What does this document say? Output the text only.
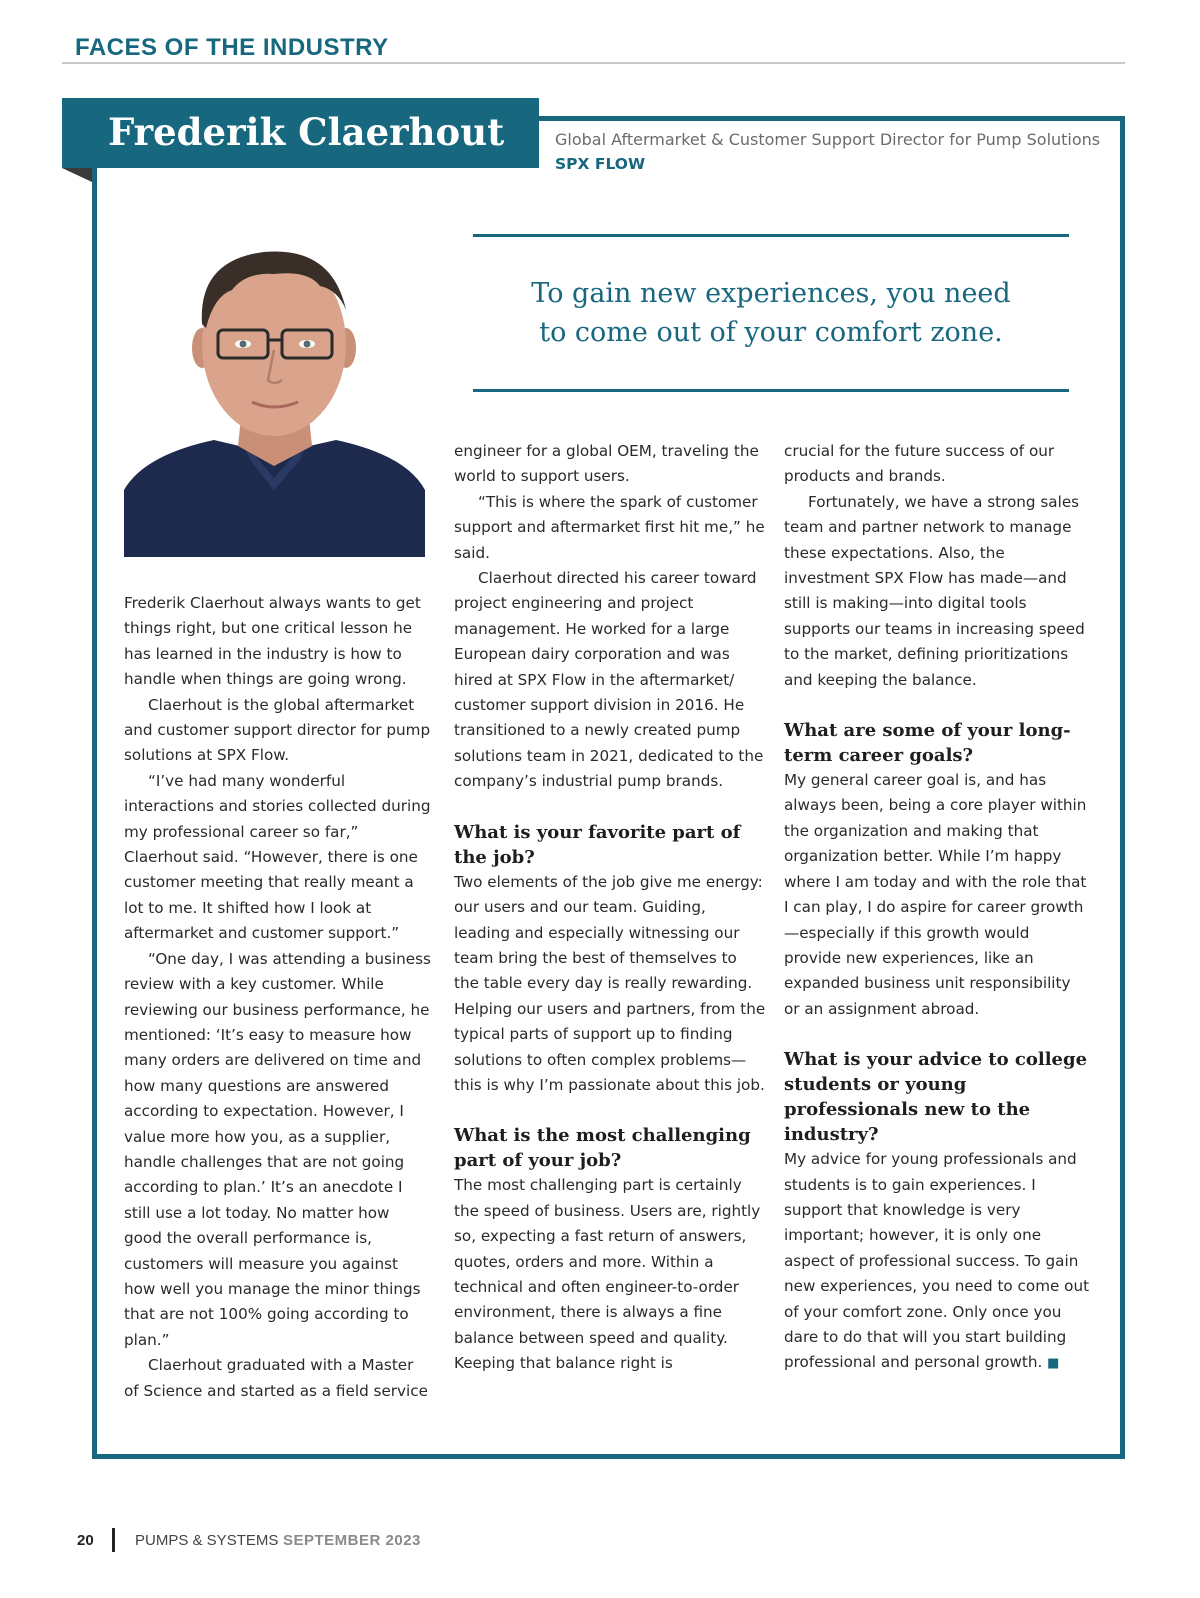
FACES OF THE INDUSTRY
Frederik Claerhout	Global Aftermarket & Customer Support Director for Pump Solutions
SPX FLOW
To gain new experiences, you need
to come out of your comfort zone.

Frederik Claerhout always wants to get things right, but one critical lesson he has learned in the industry is how to handle when things are going wrong.

Claerhout is the global aftermarket and customer support director for pump solutions at SPX Flow.

“I’ve had many wonderful interactions and stories collected during my professional career so far,” Claerhout said. “However, there is one customer meeting that really meant a lot to me. It shifted how I look at aftermarket and customer support.”

“One day, I was attending a business review with a key customer. While reviewing our business performance, he mentioned: ‘It’s easy to measure how many orders are delivered on time and how many questions are answered according to expectation. However, I value more how you, as a supplier, handle challenges that are not going according to plan.’ It’s an anecdote I still use a lot today. No matter how good the overall performance is, customers will measure you against how well you manage the minor things that are not 100% going according to plan.”

Claerhout graduated with a Master of Science and started as a field service

engineer for a global OEM, traveling the world to support users.

“This is where the spark of customer support and aftermarket first hit me,” he said.

Claerhout directed his career toward project engineering and project management. He worked for a large European dairy corporation and was hired at SPX Flow in the aftermarket/ customer support division in 2016. He transitioned to a newly created pump solutions team in 2021, dedicated to the company’s industrial pump brands.

What is your favorite part of the job?

Two elements of the job give me energy: our users and our team. Guiding, leading and especially witnessing our team bring the best of themselves to the table every day is really rewarding. Helping our users and partners, from the typical parts of support up to finding solutions to often complex problems—this is why I’m passionate about this job.

What is the most challenging part of your job?

The most challenging part is certainly the speed of business. Users are, rightly so, expecting a fast return of answers, quotes, orders and more. Within a technical and often engineer-to-order environment, there is always a fine balance between speed and quality. Keeping that balance right is

crucial for the future success of our products and brands.

Fortunately, we have a strong sales team and partner network to manage these expectations. Also, the investment SPX Flow has made—and still is making—into digital tools supports our teams in increasing speed to the market, defining prioritizations and keeping the balance.

What are some of your long-term career goals?

My general career goal is, and has always been, being a core player within the organization and making that organization better. While I’m happy where I am today and with the role that I can play, I do aspire for career growth—especially if this growth would provide new experiences, like an expanded business unit responsibility or an assignment abroad.

What is your advice to college students or young professionals new to the industry?

My advice for young professionals and students is to gain experiences. I support that knowledge is very important; however, it is only one aspect of professional success. To gain new experiences, you need to come out of your comfort zone. Only once you dare to do that will you start building professional and personal growth. ■

20	PUMPS & SYSTEMS SEPTEMBER 2023
